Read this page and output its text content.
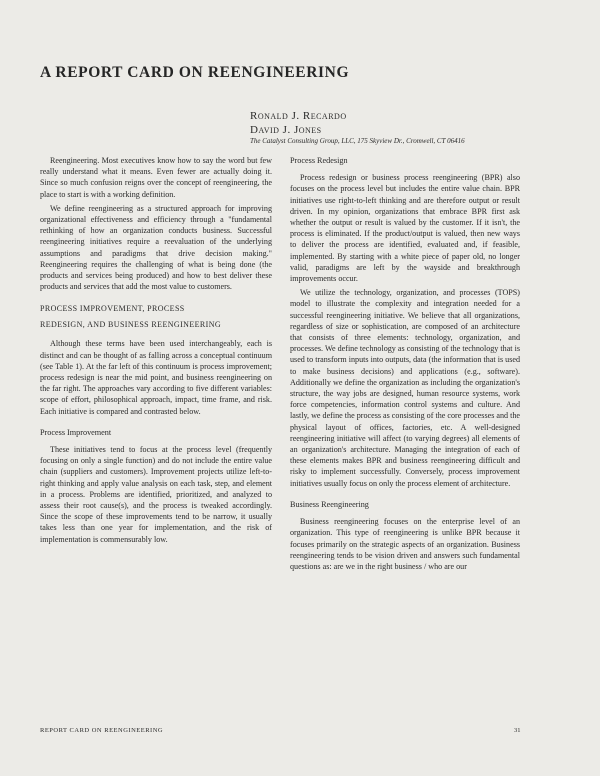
A REPORT CARD ON REENGINEERING
Ronald J. Recardo
David J. Jones
The Catalyst Consulting Group, LLC, 175 Skyview Dr., Cromwell, CT 06416

Reengineering. Most executives know how to say the word but few really understand what it means. Even fewer are actually doing it. Since so much confusion reigns over the concept of reengineering, the place to start is with a working definition.

We define reengineering as a structured approach for improving organizational effectiveness and efficiency through a "fundamental rethinking of how an organization conducts business. Successful reengineering initiatives require a reevaluation of the underlying assumptions and paradigms that drive decision making." Reengineering requires the challenging of what is being done (the products and services being produced) and how to best deliver these products and services that add the most value to customers.

PROCESS IMPROVEMENT, PROCESS
REDESIGN, AND BUSINESS REENGINEERING

Although these terms have been used interchangeably, each is distinct and can be thought of as falling across a conceptual continuum (see Table 1). At the far left of this continuum is process improvement; process redesign is near the mid point, and business reengineering on the far right. The approaches vary according to five different variables: scope of effort, philosophical approach, impact, time frame, and risk. Each initiative is compared and contrasted below.

Process Improvement

These initiatives tend to focus at the process level (frequently focusing on only a single function) and do not include the entire value chain (suppliers and customers). Improvement projects utilize left-to-right thinking and apply value analysis on each task, step, and element in a process. Problems are identified, prioritized, and analyzed to assess their root cause(s), and the process is tweaked accordingly. Since the scope of these improvements tend to be narrow, it usually takes less than one year for implementation, and the risk of implementation is commensurably low.

Process Redesign

Process redesign or business process reengineering (BPR) also focuses on the process level but includes the entire value chain. BPR initiatives use right-to-left thinking and are therefore output or result driven. In my opinion, organizations that embrace BPR first ask whether the output or result is valued by the customer. If it isn't, the process is eliminated. If the product/output is valued, then new ways to deliver the process are identified, evaluated and, if feasible, implemented. By starting with a white piece of paper old, no longer valid, paradigms are left by the wayside and breakthrough improvements occur.

We utilize the technology, organization, and processes (TOPS) model to illustrate the complexity and integration needed for a successful reengineering initiative. We believe that all organizations, regardless of size or sophistication, are composed of an architecture that consists of three elements: technology, organization, and processes. We define technology as consisting of the technology that is used to transform inputs into outputs, data (the information that is used to make business decisions) and applications (e.g., software). Additionally we define the organization as including the organization's structure, the way jobs are designed, human resource systems, work force competencies, information control systems and culture. And lastly, we define the process as consisting of the core processes and the physical layout of offices, factories, etc. A well-designed reengineering initiative will affect (to varying degrees) all elements of an organization's architecture. Managing the integration of each of these elements makes BPR and business reengineering difficult and risky to implement successfully. Conversely, process improvement initiatives usually focus on only the process element of architecture.

Business Reengineering

Business reengineering focuses on the enterprise level of an organization. This type of reengineering is unlike BPR because it focuses primarily on the strategic aspects of an organization. Business reengineering tends to be vision driven and answers such fundamental questions as: are we in the right business / who are our

REPORT CARD ON REENGINEERING	31
